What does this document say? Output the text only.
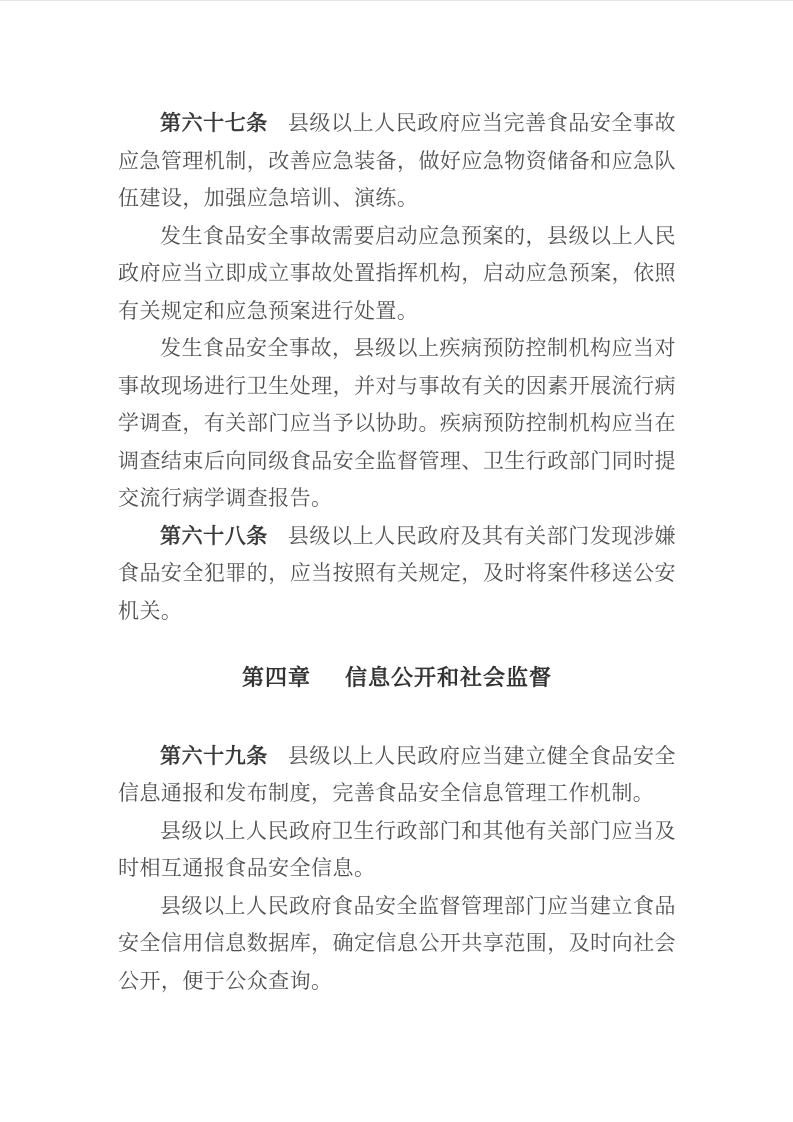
第六十七条 县级以上人民政府应当完善食品安全事故应急管理机制，改善应急装备，做好应急物资储备和应急队伍建设，加强应急培训、演练。

发生食品安全事故需要启动应急预案的，县级以上人民政府应当立即成立事故处置指挥机构，启动应急预案，依照有关规定和应急预案进行处置。

发生食品安全事故，县级以上疾病预防控制机构应当对事故现场进行卫生处理，并对与事故有关的因素开展流行病学调查，有关部门应当予以协助。疾病预防控制机构应当在调查结束后向同级食品安全监督管理、卫生行政部门同时提交流行病学调查报告。

第六十八条 县级以上人民政府及其有关部门发现涉嫌食品安全犯罪的，应当按照有关规定，及时将案件移送公安机关。

第四章 信息公开和社会监督

第六十九条 县级以上人民政府应当建立健全食品安全信息通报和发布制度，完善食品安全信息管理工作机制。

县级以上人民政府卫生行政部门和其他有关部门应当及时相互通报食品安全信息。

县级以上人民政府食品安全监督管理部门应当建立食品安全信用信息数据库，确定信息公开共享范围，及时向社会公开，便于公众查询。
